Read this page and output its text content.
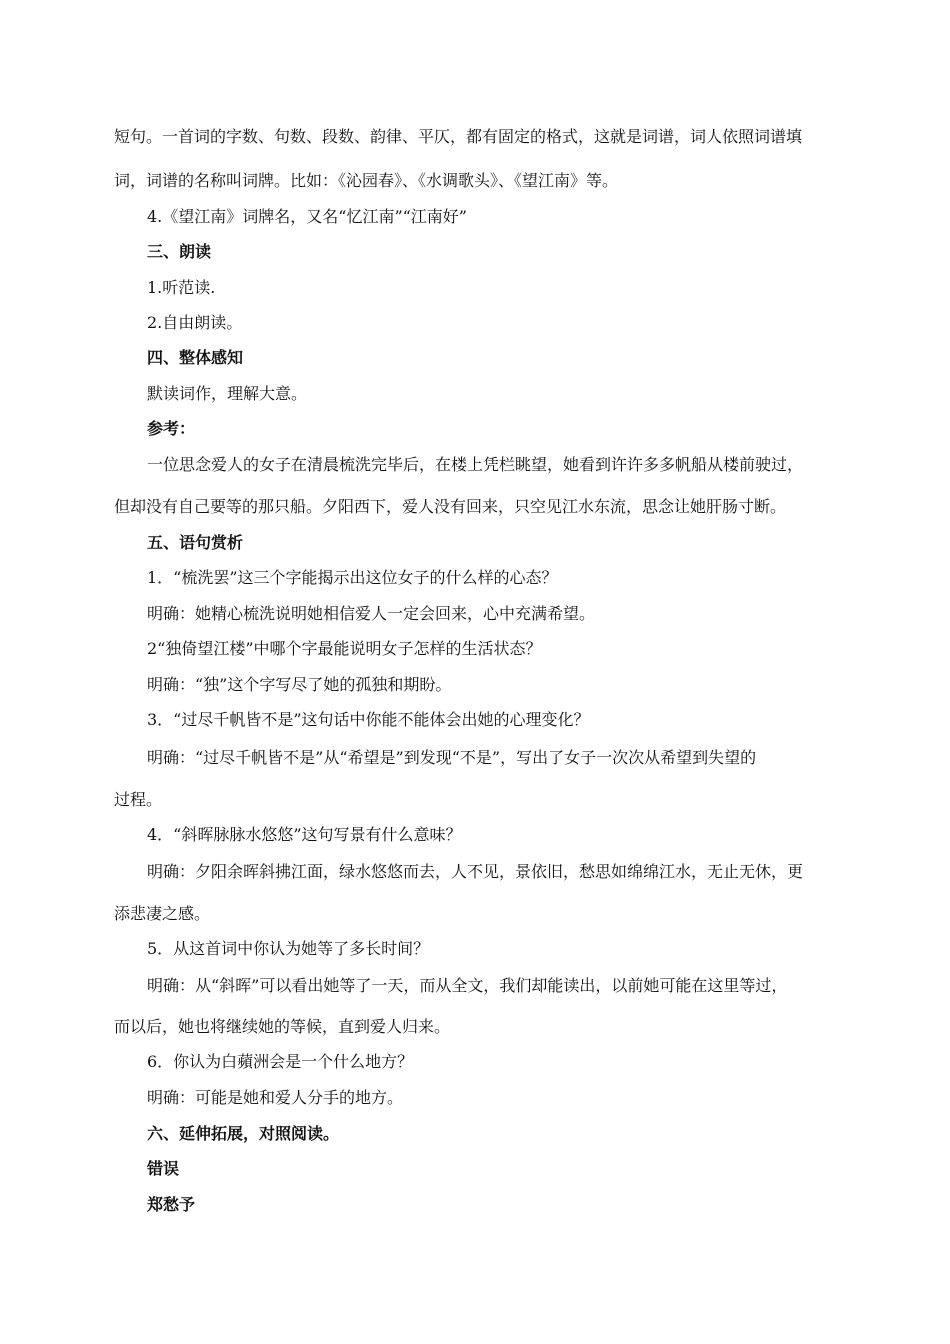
短句。一首词的字数、句数、段数、韵律、平仄，都有固定的格式，这就是词谱，词人依照词谱填
词，词谱的名称叫词牌。比如：《沁园春》、《水调歌头》、《望江南》等。
4.《望江南》词牌名，又名“忆江南”“江南好”
三、朗读
1.听范读.
2.自由朗读。
四、整体感知
默读词作，理解大意。
参考：
一位思念爱人的女子在清晨梳洗完毕后，在楼上凭栏眺望，她看到许许多多帆船从楼前驶过，
但却没有自己要等的那只船。夕阳西下，爱人没有回来，只空见江水东流，思念让她肝肠寸断。
五、语句赏析
1．“梳洗罢”这三个字能揭示出这位女子的什么样的心态？
明确：她精心梳洗说明她相信爱人一定会回来，心中充满希望。
2“独倚望江楼”中哪个字最能说明女子怎样的生活状态？
明确：“独”这个字写尽了她的孤独和期盼。
3．“过尽千帆皆不是”这句话中你能不能体会出她的心理变化？
明确：“过尽千帆皆不是”从“希望是”到发现“不是”，写出了女子一次次从希望到失望的
过程。
4．“斜晖脉脉水悠悠”这句写景有什么意味？
明确：夕阳余晖斜拂江面，绿水悠悠而去，人不见，景依旧，愁思如绵绵江水，无止无休，更
添悲凄之感。
5．从这首词中你认为她等了多长时间？
明确：从“斜晖”可以看出她等了一天，而从全文，我们却能读出，以前她可能在这里等过，
而以后，她也将继续她的等候，直到爱人归来。
6．你认为白蘋洲会是一个什么地方？
明确：可能是她和爱人分手的地方。
六、延伸拓展，对照阅读。
错误
郑愁予
